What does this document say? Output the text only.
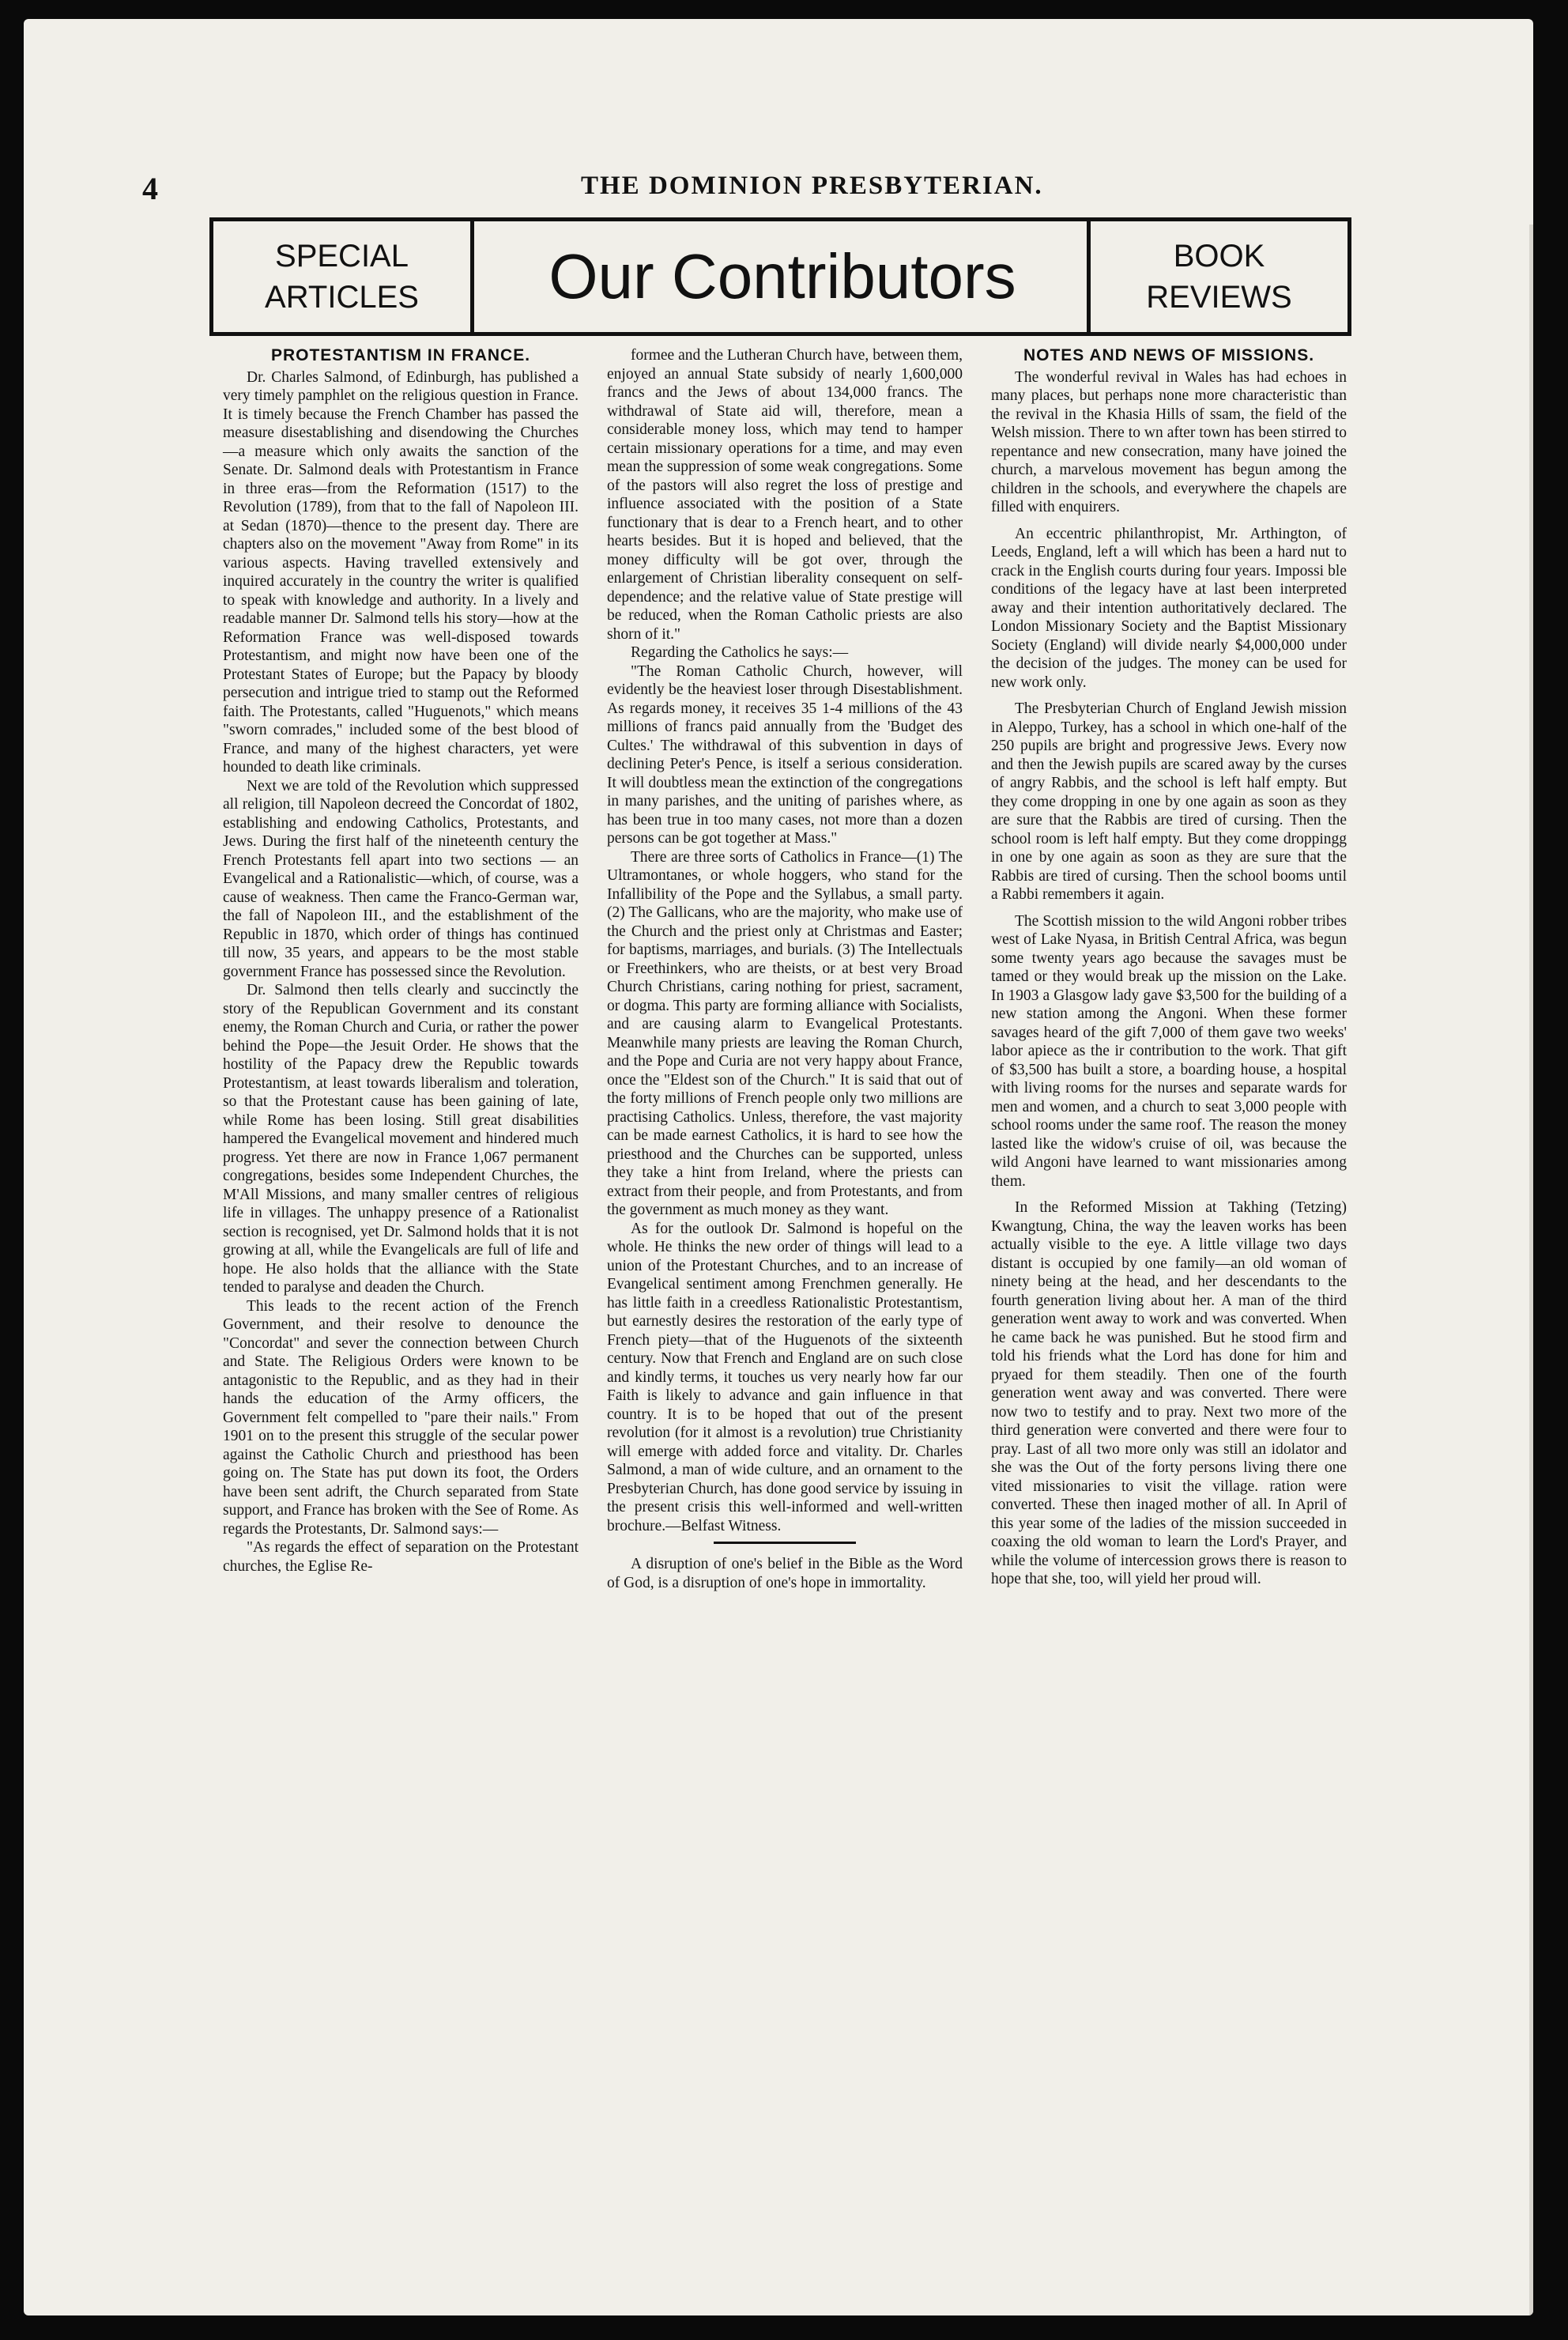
4	THE DOMINION PRESBYTERIAN.
SPECIAL
ARTICLES	Our Contributors	BOOK
REVIEWS
PROTESTANTISM IN FRANCE.

Dr. Charles Salmond, of Edinburgh, has published a very timely pamphlet on the religious question in France. It is timely because the French Chamber has passed the measure disestablishing and disendowing the Churches—a measure which only awaits the sanction of the Senate. Dr. Salmond deals with Protestantism in France in three eras—from the Reformation (1517) to the Revolution (1789), from that to the fall of Napoleon III. at Sedan (1870)—thence to the present day. There are chapters also on the movement "Away from Rome" in its various aspects. Having travelled extensively and inquired accurately in the country the writer is qualified to speak with knowledge and authority. In a lively and readable manner Dr. Salmond tells his story—how at the Reformation France was well-disposed towards Protestantism, and might now have been one of the Protestant States of Europe; but the Papacy by bloody persecution and intrigue tried to stamp out the Reformed faith. The Protestants, called "Huguenots," which means "sworn comrades," included some of the best blood of France, and many of the highest characters, yet were hounded to death like criminals.

Next we are told of the Revolution which suppressed all religion, till Napoleon decreed the Concordat of 1802, establishing and endowing Catholics, Protestants, and Jews. During the first half of the nineteenth century the French Protestants fell apart into two sections — an Evangelical and a Rationalistic—which, of course, was a cause of weakness. Then came the Franco-German war, the fall of Napoleon III., and the establishment of the Republic in 1870, which order of things has continued till now, 35 years, and appears to be the most stable government France has possessed since the Revolution.

Dr. Salmond then tells clearly and succinctly the story of the Republican Government and its constant enemy, the Roman Church and Curia, or rather the power behind the Pope—the Jesuit Order. He shows that the hostility of the Papacy drew the Republic towards Protestantism, at least towards liberalism and toleration, so that the Protestant cause has been gaining of late, while Rome has been losing. Still great disabilities hampered the Evangelical movement and hindered much progress. Yet there are now in France 1,067 permanent congregations, besides some Independent Churches, the M'All Missions, and many smaller centres of religious life in villages. The unhappy presence of a Rationalist section is recognised, yet Dr. Salmond holds that it is not growing at all, while the Evangelicals are full of life and hope. He also holds that the alliance with the State tended to paralyse and deaden the Church.

This leads to the recent action of the French Government, and their resolve to denounce the "Concordat" and sever the connection between Church and State. The Religious Orders were known to be antagonistic to the Republic, and as they had in their hands the education of the Army officers, the Government felt compelled to "pare their nails." From 1901 on to the present this struggle of the secular power against the Catholic Church and priesthood has been going on. The State has put down its foot, the Orders have been sent adrift, the Church separated from State support, and France has broken with the See of Rome. As regards the Protestants, Dr. Salmond says:—

"As regards the effect of separation on the Protestant churches, the Eglise Re-

formee and the Lutheran Church have, between them, enjoyed an annual State subsidy of nearly 1,600,000 francs and the Jews of about 134,000 francs. The withdrawal of State aid will, therefore, mean a considerable money loss, which may tend to hamper certain missionary operations for a time, and may even mean the suppression of some weak congregations. Some of the pastors will also regret the loss of prestige and influence associated with the position of a State functionary that is dear to a French heart, and to other hearts besides. But it is hoped and believed, that the money difficulty will be got over, through the enlargement of Christian liberality consequent on self-dependence; and the relative value of State prestige will be reduced, when the Roman Catholic priests are also shorn of it."

Regarding the Catholics he says:—

"The Roman Catholic Church, however, will evidently be the heaviest loser through Disestablishment. As regards money, it receives 35 1-4 millions of the 43 millions of francs paid annually from the 'Budget des Cultes.' The withdrawal of this subvention in days of declining Peter's Pence, is itself a serious consideration. It will doubtless mean the extinction of the congregations in many parishes, and the uniting of parishes where, as has been true in too many cases, not more than a dozen persons can be got together at Mass."

There are three sorts of Catholics in France—(1) The Ultramontanes, or whole hoggers, who stand for the Infallibility of the Pope and the Syllabus, a small party. (2) The Gallicans, who are the majority, who make use of the Church and the priest only at Christmas and Easter; for baptisms, marriages, and burials. (3) The Intellectuals or Freethinkers, who are theists, or at best very Broad Church Christians, caring nothing for priest, sacrament, or dogma. This party are forming alliance with Socialists, and are causing alarm to Evangelical Protestants. Meanwhile many priests are leaving the Roman Church, and the Pope and Curia are not very happy about France, once the "Eldest son of the Church." It is said that out of the forty millions of French people only two millions are practising Catholics. Unless, therefore, the vast majority can be made earnest Catholics, it is hard to see how the priesthood and the Churches can be supported, unless they take a hint from Ireland, where the priests can extract from their people, and from Protestants, and from the government as much money as they want.

As for the outlook Dr. Salmond is hopeful on the whole. He thinks the new order of things will lead to a union of the Protestant Churches, and to an increase of Evangelical sentiment among Frenchmen generally. He has little faith in a creedless Rationalistic Protestantism, but earnestly desires the restoration of the early type of French piety—that of the Huguenots of the sixteenth century. Now that French and England are on such close and kindly terms, it touches us very nearly how far our Faith is likely to advance and gain influence in that country. It is to be hoped that out of the present revolution (for it almost is a revolution) true Christianity will emerge with added force and vitality. Dr. Charles Salmond, a man of wide culture, and an ornament to the Presbyterian Church, has done good service by issuing in the present crisis this well-informed and well-written brochure.—Belfast Witness.

A disruption of one's belief in the Bible as the Word of God, is a disruption of one's hope in immortality.

NOTES AND NEWS OF MISSIONS.

The wonderful revival in Wales has had echoes in many places, but perhaps none more characteristic than the revival in the Khasia Hills of ssam, the field of the Welsh mission. There to wn after town has been stirred to repentance and new consecration, many have joined the church, a marvelous movement has begun among the children in the schools, and everywhere the chapels are filled with enquirers.

An eccentric philanthropist, Mr. Arthington, of Leeds, England, left a will which has been a hard nut to crack in the English courts during four years. Impossi ble conditions of the legacy have at last been interpreted away and their intention authoritatively declared. The London Missionary Society and the Baptist Missionary Society (England) will divide nearly $4,000,000 under the decision of the judges. The money can be used for new work only.

The Presbyterian Church of England Jewish mission in Aleppo, Turkey, has a school in which one-half of the 250 pupils are bright and progressive Jews. Every now and then the Jewish pupils are scared away by the curses of angry Rabbis, and the school is left half empty. But they come dropping in one by one again as soon as they are sure that the Rabbis are tired of cursing. Then the school room is left half empty. But they come droppingg in one by one again as soon as they are sure that the Rabbis are tired of cursing. Then the school booms until a Rabbi remembers it again.

The Scottish mission to the wild Angoni robber tribes west of Lake Nyasa, in British Central Africa, was begun some twenty years ago because the savages must be tamed or they would break up the mission on the Lake. In 1903 a Glasgow lady gave $3,500 for the building of a new station among the Angoni. When these former savages heard of the gift 7,000 of them gave two weeks' labor apiece as the ir contribution to the work. That gift of $3,500 has built a store, a boarding house, a hospital with living rooms for the nurses and separate wards for men and women, and a church to seat 3,000 people with school rooms under the same roof. The reason the money lasted like the widow's cruise of oil, was because the wild Angoni have learned to want missionaries among them.

In the Reformed Mission at Takhing (Tetzing) Kwangtung, China, the way the leaven works has been actually visible to the eye. A little village two days distant is occupied by one family—an old woman of ninety being at the head, and her descendants to the fourth generation living about her. A man of the third generation went away to work and was converted. When he came back he was punished. But he stood firm and told his friends what the Lord has done for him and pryaed for them steadily. Then one of the fourth generation went away and was converted. There were now two to testify and to pray. Next two more of the third generation were converted and there were four to pray. Last of all two more only was still an idolator and she was the Out of the forty persons living there one vited missionaries to visit the village. ration were converted. These then inaged mother of all. In April of this year some of the ladies of the mission succeeded in coaxing the old woman to learn the Lord's Prayer, and while the volume of intercession grows there is reason to hope that she, too, will yield her proud will.
